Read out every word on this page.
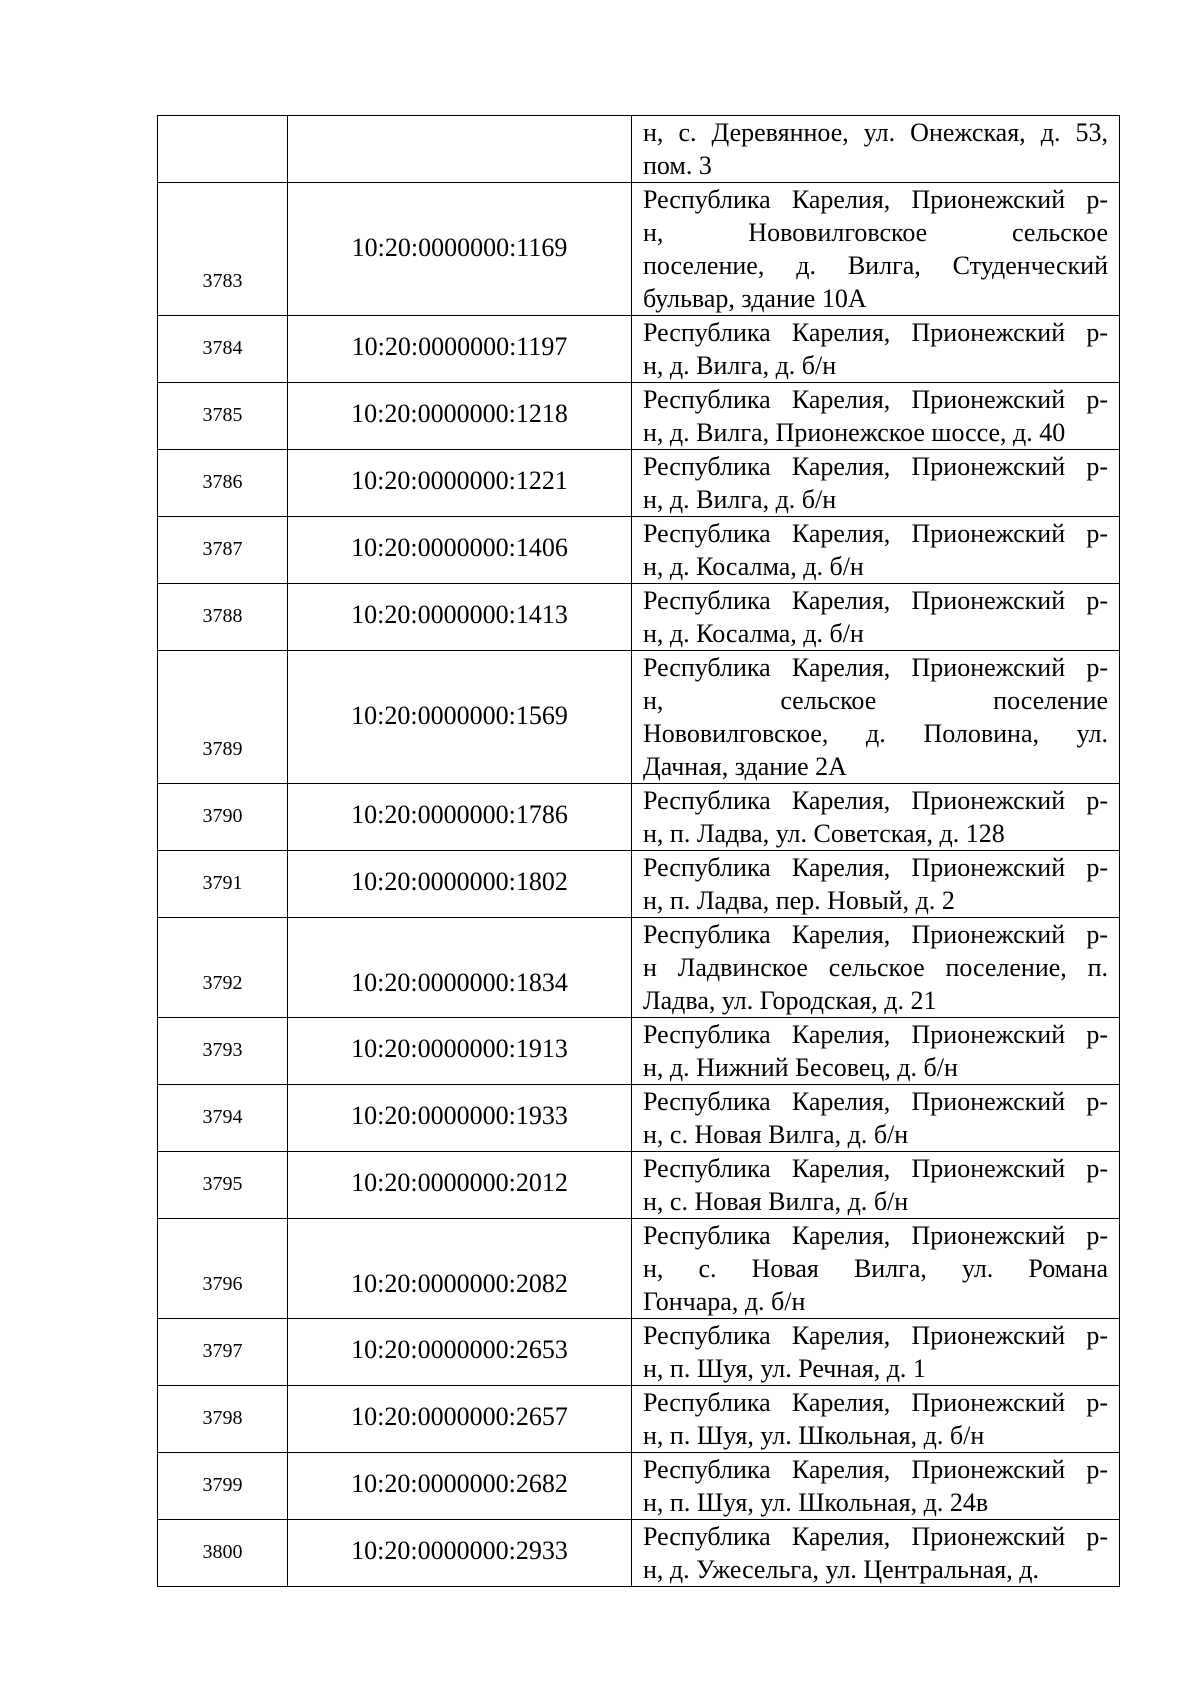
		н, с. Деревянное, ул. Онежская, д. 53,
пом. 3

3783	10:20:0000000:1169	Республика Карелия, Прионежский р-
н, Нововилговское сельское
поселение, д. Вилга, Студенческий
бульвар, здание 10А

3784	10:20:0000000:1197	Республика Карелия, Прионежский р-
н, д. Вилга, д. б/н

3785	10:20:0000000:1218	Республика Карелия, Прионежский р-
н, д. Вилга, Прионежское шоссе, д. 40

3786	10:20:0000000:1221	Республика Карелия, Прионежский р-
н, д. Вилга, д. б/н

3787	10:20:0000000:1406	Республика Карелия, Прионежский р-
н, д. Косалма, д. б/н

3788	10:20:0000000:1413	Республика Карелия, Прионежский р-
н, д. Косалма, д. б/н

3789	10:20:0000000:1569	Республика Карелия, Прионежский р-
н, сельское поселение
Нововилговское, д. Половина, ул.
Дачная, здание 2А

3790	10:20:0000000:1786	Республика Карелия, Прионежский р-
н, п. Ладва, ул. Советская, д. 128

3791	10:20:0000000:1802	Республика Карелия, Прионежский р-
н, п. Ладва, пер. Новый, д. 2

3792	10:20:0000000:1834	Республика Карелия, Прионежский р-
н Ладвинское сельское поселение, п.
Ладва, ул. Городская, д. 21

3793	10:20:0000000:1913	Республика Карелия, Прионежский р-
н, д. Нижний Бесовец, д. б/н

3794	10:20:0000000:1933	Республика Карелия, Прионежский р-
н, с. Новая Вилга, д. б/н

3795	10:20:0000000:2012	Республика Карелия, Прионежский р-
н, с. Новая Вилга, д. б/н

3796	10:20:0000000:2082	Республика Карелия, Прионежский р-
н, с. Новая Вилга, ул. Романа
Гончара, д. б/н

3797	10:20:0000000:2653	Республика Карелия, Прионежский р-
н, п. Шуя, ул. Речная, д. 1

3798	10:20:0000000:2657	Республика Карелия, Прионежский р-
н, п. Шуя, ул. Школьная, д. б/н

3799	10:20:0000000:2682	Республика Карелия, Прионежский р-
н, п. Шуя, ул. Школьная, д. 24в

3800	10:20:0000000:2933	Республика Карелия, Прионежский р-
н, д. Ужесельга, ул. Центральная, д.
